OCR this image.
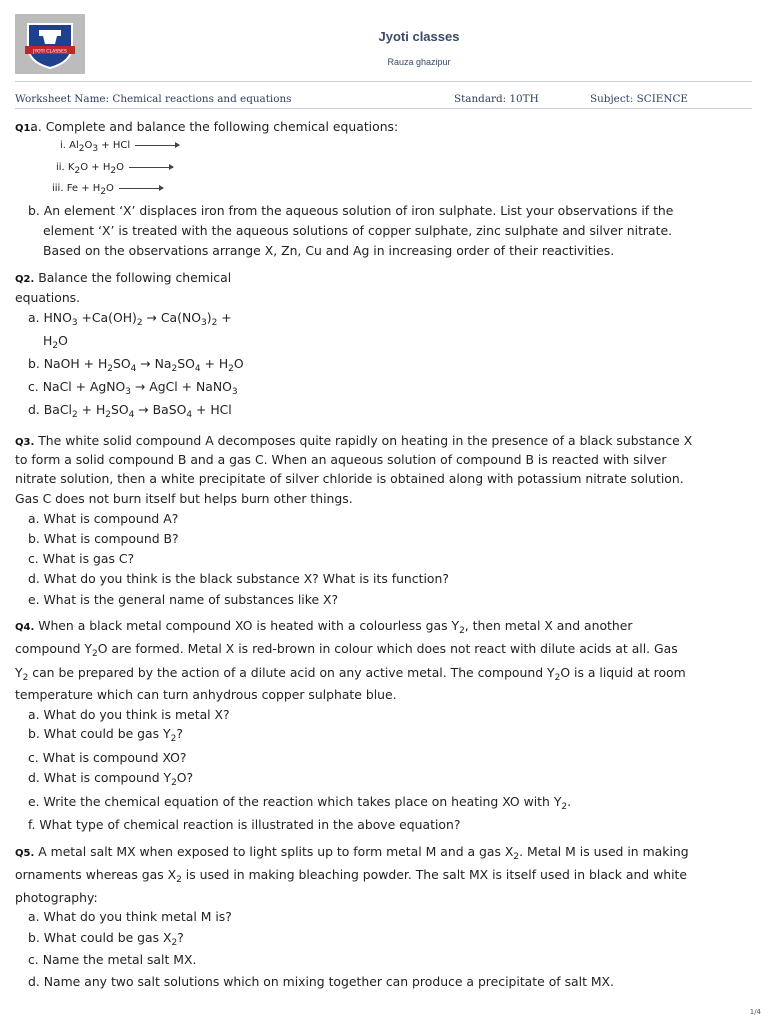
JYOTI CLASSES
Jyoti classes
Rauza ghazipur
Worksheet Name: Chemical reactions and equations	Standard: 10TH	Subject: SCIENCE
Q1.a. Complete and balance the following chemical equations:
i. $Al_2O_3$ + HCl
ii. $K_2O + H_2O$
iii. $Fe + H_2O$
b. An element ‘X’ displaces iron from the aqueous solution of iron sulphate. List your observations if the
element ‘X’ is treated with the aqueous solutions of copper sulphate, zinc sulphate and silver nitrate.
Based on the observations arrange X, Zn, Cu and Ag in increasing order of their reactivities.
Q2. Balance the following chemical
equations.
a. $HNO_3 +Ca(OH)_2 \to Ca(NO_3)_2$ +
$H_2O$
b. NaOH + $H_2SO_4 \to Na_2SO_4 + H_2O$
c. NaCl + AgNO$_3$ → AgCl + NaNO$_3$
d. BaCl$_2$ + $H_2SO_4$ → BaSO$_4$ + HCl
Q3. The white solid compound A decomposes quite rapidly on heating in the presence of a black substance X
to form a solid compound B and a gas C. When an aqueous solution of compound B is reacted with silver
nitrate solution, then a white precipitate of silver chloride is obtained along with potassium nitrate solution.
Gas C does not burn itself but helps burn other things.
a. What is compound A?
b. What is compound B?
c. What is gas C?
d. What do you think is the black substance X? What is its function?
e. What is the general name of substances like X?
Q4. When a black metal compound XO is heated with a colourless gas $Y_2$, then metal X and another
compound $Y_2O$ are formed. Metal X is red-brown in colour which does not react with dilute acids at all. Gas
$Y_2$ can be prepared by the action of a dilute acid on any active metal. The compound $Y_2O$ is a liquid at room
temperature which can turn anhydrous copper sulphate blue.
a. What do you think is metal X?
b. What could be gas $Y_2$?
c. What is compound XO?
d. What is compound $Y_2O$?
e. Write the chemical equation of the reaction which takes place on heating XO with $Y_2$.
f. What type of chemical reaction is illustrated in the above equation?
Q5. A metal salt MX when exposed to light splits up to form metal M and a gas $X_2$. Metal M is used in making
ornaments whereas gas $X_2$ is used in making bleaching powder. The salt MX is itself used in black and white
photography:
a. What do you think metal M is?
b. What could be gas $X_2$?
c. Name the metal salt MX.
d. Name any two salt solutions which on mixing together can produce a precipitate of salt MX.
1/4
